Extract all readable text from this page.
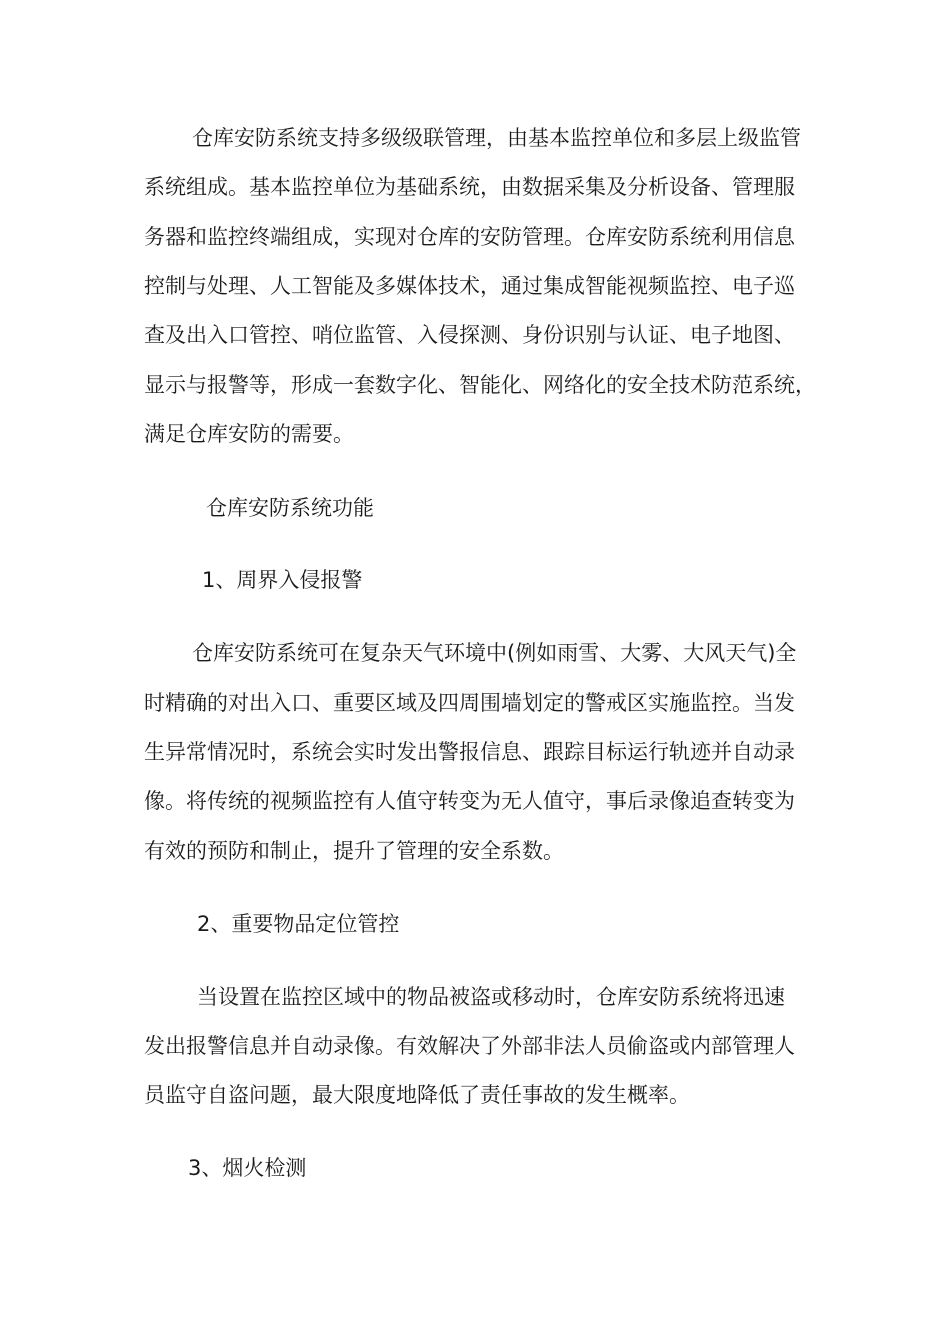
仓库安防系统支持多级级联管理，由基本监控单位和多层上级监管
系统组成。基本监控单位为基础系统，由数据采集及分析设备、管理服
务器和监控终端组成，实现对仓库的安防管理。仓库安防系统利用信息
控制与处理、人工智能及多媒体技术，通过集成智能视频监控、电子巡
查及出入口管控、哨位监管、入侵探测、身份识别与认证、电子地图、
显示与报警等，形成一套数字化、智能化、网络化的安全技术防范系统，
满足仓库安防的需要。
仓库安防系统功能
1、周界入侵报警
仓库安防系统可在复杂天气环境中(例如雨雪、大雾、大风天气)全
时精确的对出入口、重要区域及四周围墙划定的警戒区实施监控。当发
生异常情况时，系统会实时发出警报信息、跟踪目标运行轨迹并自动录
像。将传统的视频监控有人值守转变为无人值守，事后录像追查转变为
有效的预防和制止，提升了管理的安全系数。
2、重要物品定位管控
当设置在监控区域中的物品被盗或移动时，仓库安防系统将迅速
发出报警信息并自动录像。有效解决了外部非法人员偷盗或内部管理人
员监守自盗问题，最大限度地降低了责任事故的发生概率。
3、烟火检测
